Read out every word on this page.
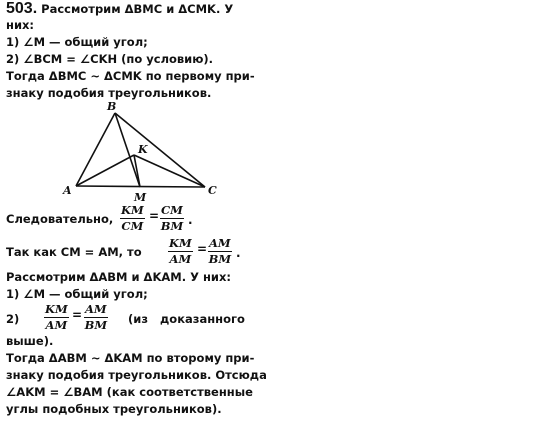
503. Рассмотрим ΔBMC и ΔCMK. У
них:
1) ∠M — общий угол;
2) ∠BCM = ∠CKH (по условию).
Тогда ΔBMC ∼ ΔCMK по первому при-
знаку подобия треугольников.
B
K
A
M
C
Следовательно, $\frac{KM}{CM} = \frac{CM}{BM}$ .
Так как CM = AM, то $\frac{KM}{AM} = \frac{AM}{BM}$ .
Рассмотрим ΔABM и ΔKAM. У них:
1) ∠M — общий угол;
$2) \frac{KM}{AM} = \frac{AM}{BM} (из$   доказанного
выше).
Тогда ΔABM ∼ ΔKAM по второму при-
знаку подобия треугольников. Отсюда
∠AKM = ∠BAM (как соответственные
углы подобных треугольников).
